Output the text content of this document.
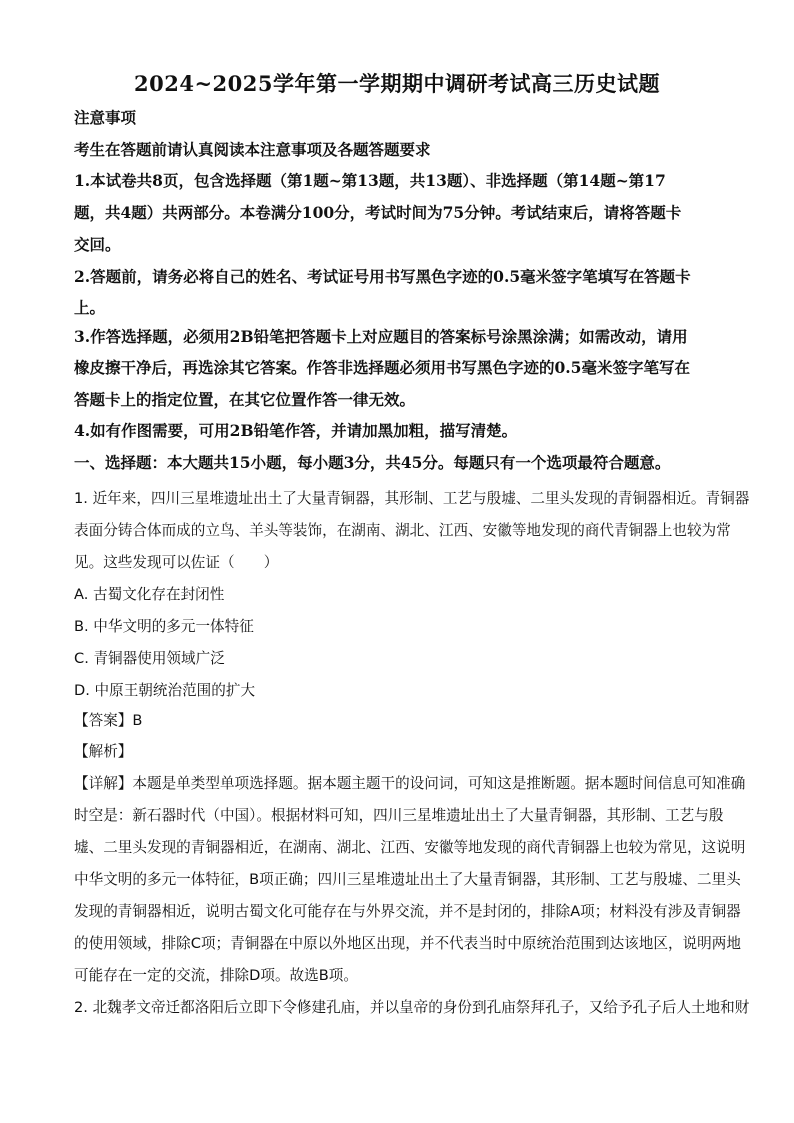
2024~2025学年第一学期期中调研考试高三历史试题
注意事项
考生在答题前请认真阅读本注意事项及各题答题要求
1.本试卷共8页，包含选择题（第1题~第13题，共13题）、非选择题（第14题~第17
题，共4题）共两部分。本卷满分100分，考试时间为75分钟。考试结束后，请将答题卡
交回。
2.答题前，请务必将自己的姓名、考试证号用书写黑色字迹的0.5毫米签字笔填写在答题卡
上。
3.作答选择题，必须用2B铅笔把答题卡上对应题目的答案标号涂黑涂满；如需改动，请用
橡皮擦干净后，再选涂其它答案。作答非选择题必须用书写黑色字迹的0.5毫米签字笔写在
答题卡上的指定位置，在其它位置作答一律无效。
4.如有作图需要，可用2B铅笔作答，并请加黑加粗，描写清楚。
一、选择题：本大题共15小题，每小题3分，共45分。每题只有一个选项最符合题意。
1. 近年来，四川三星堆遗址出土了大量青铜器，其形制、工艺与殷墟、二里头发现的青铜器相近。青铜器
表面分铸合体而成的立鸟、羊头等装饰，在湖南、湖北、江西、安徽等地发现的商代青铜器上也较为常
见。这些发现可以佐证（　　）
A. 古蜀文化存在封闭性
B. 中华文明的多元一体特征
C. 青铜器使用领域广泛
D. 中原王朝统治范围的扩大
【答案】B
【解析】
【详解】本题是单类型单项选择题。据本题主题干的设问词，可知这是推断题。据本题时间信息可知准确
时空是：新石器时代（中国）。根据材料可知，四川三星堆遗址出土了大量青铜器，其形制、工艺与殷
墟、二里头发现的青铜器相近，在湖南、湖北、江西、安徽等地发现的商代青铜器上也较为常见，这说明
中华文明的多元一体特征，B项正确；四川三星堆遗址出土了大量青铜器，其形制、工艺与殷墟、二里头
发现的青铜器相近，说明古蜀文化可能存在与外界交流，并不是封闭的，排除A项；材料没有涉及青铜器
的使用领域，排除C项；青铜器在中原以外地区出现，并不代表当时中原统治范围到达该地区，说明两地
可能存在一定的交流，排除D项。故选B项。
2. 北魏孝文帝迁都洛阳后立即下令修建孔庙，并以皇帝的身份到孔庙祭拜孔子，又给予孔子后人土地和财
